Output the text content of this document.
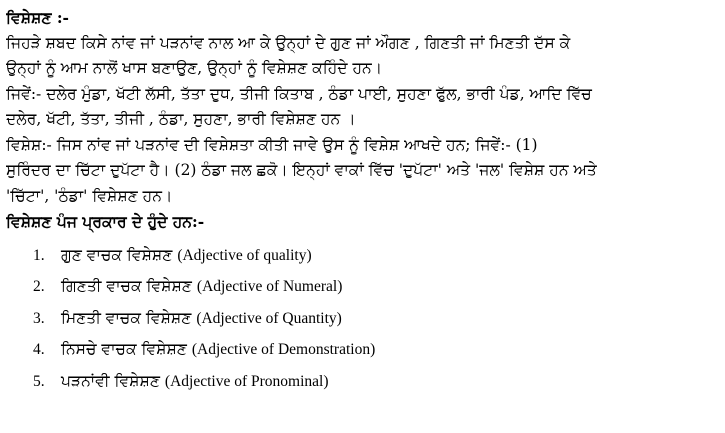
ਵਿਸ਼ੇਸ਼ਣ :-
ਜਿਹੜੇ ਸ਼ਬਦ ਕਿਸੇ ਨਾਂਵ ਜਾਂ ਪੜਨਾਂਵ ਨਾਲ ਆ ਕੇ ਉਨ੍ਹਾਂ ਦੇ ਗੁਣ ਜਾਂ ਔਗਣ , ਗਿਣਤੀ ਜਾਂ ਮਿਣਤੀ ਦੱਸ ਕੇ
ਉਨ੍ਹਾਂ ਨੂੰ ਆਮ ਨਾਲੋਂ ਖਾਸ ਬਣਾਉਣ, ਉਨ੍ਹਾਂ ਨੂੰ ਵਿਸ਼ੇਸ਼ਣ ਕਹਿੰਦੇ ਹਨ।
ਜਿਵੇਂ:- ਦਲੇਰ ਮੁੰਡਾ, ਖੱਟੀ ਲੱਸੀ, ਤੱਤਾ ਦੁਧ, ਤੀਜੀ ਕਿਤਾਬ , ਠੰਡਾ ਪਾਈ, ਸੁਹਣਾ ਫੁੱਲ, ਭਾਰੀ ਪੰਡ, ਆਦਿ ਵਿੱਚ
ਦਲੇਰ, ਖੱਟੀ, ਤੱਤਾ, ਤੀਜੀ , ਠੰਡਾ, ਸੁਹਣਾ, ਭਾਰੀ ਵਿਸ਼ੇਸ਼ਣ ਹਨ ।
ਵਿਸ਼ੇਸ਼:- ਜਿਸ ਨਾਂਵ ਜਾਂ ਪੜਨਾਂਵ ਦੀ ਵਿਸ਼ੇਸ਼ਤਾ ਕੀਤੀ ਜਾਵੇ ਉਸ ਨੂੰ ਵਿਸ਼ੇਸ਼ ਆਖਦੇ ਹਨ; ਜਿਵੇਂ:- (1)
ਸੁਰਿੰਦਰ ਦਾ ਚਿੱਟਾ ਦੁਪੱਟਾ ਹੈ। (2) ਠੰਡਾ ਜਲ ਛਕੋ। ਇਨ੍ਹਾਂ ਵਾਕਾਂ ਵਿੱਚ 'ਦੁਪੱਟਾ' ਅਤੇ 'ਜਲ' ਵਿਸ਼ੇਸ਼ ਹਨ ਅਤੇ
'ਚਿੱਟਾ', 'ਠੰਡਾ' ਵਿਸ਼ੇਸ਼ਣ ਹਨ।
ਵਿਸ਼ੇਸ਼ਣ ਪੰਜ ਪ੍ਰਕਾਰ ਦੇ ਹੁੰਦੇ ਹਨ:-
1.	ਗੁਣ ਵਾਚਕ ਵਿਸ਼ੇਸ਼ਣ (Adjective of quality)
2.	ਗਿਣਤੀ ਵਾਚਕ ਵਿਸ਼ੇਸ਼ਣ (Adjective of Numeral)
3.	ਮਿਣਤੀ ਵਾਚਕ ਵਿਸ਼ੇਸ਼ਣ (Adjective of Quantity)
4.	ਨਿਸਚੇ ਵਾਚਕ ਵਿਸ਼ੇਸ਼ਣ (Adjective of Demonstration)
5.	ਪੜਨਾਂਵੀ ਵਿਸ਼ੇਸ਼ਣ (Adjective of Pronominal)
